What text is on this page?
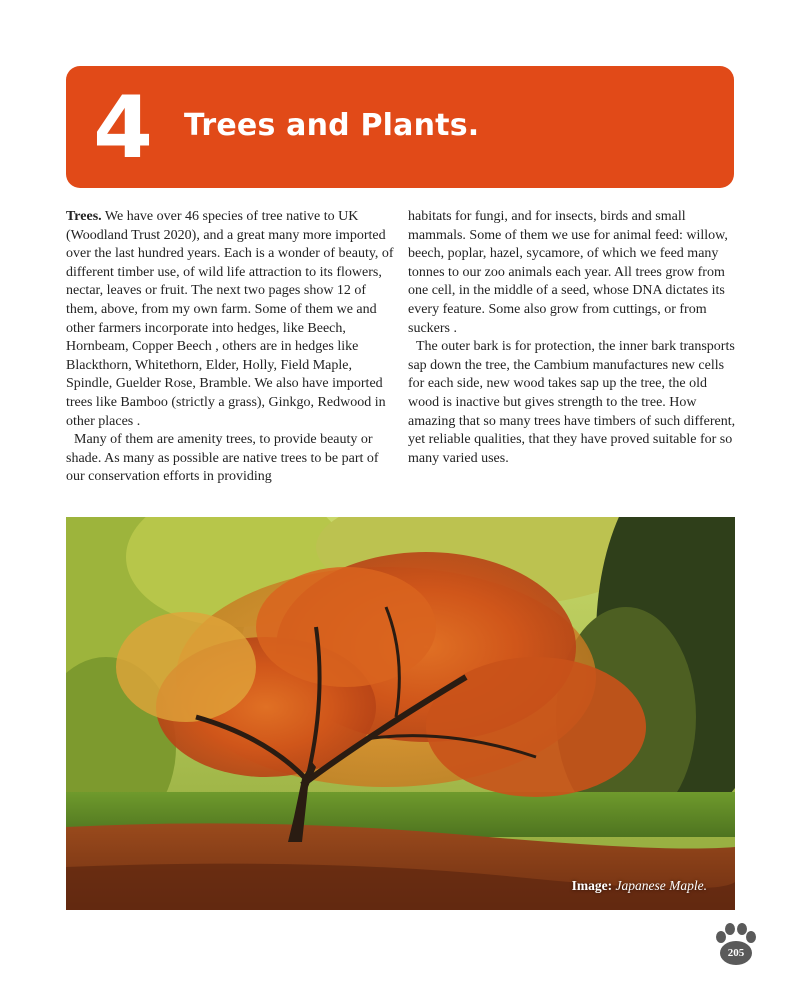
4 Trees and Plants.

Trees. We have over 46 species of tree native to UK (Woodland Trust 2020), and a great many more imported over the last hundred years. Each is a wonder of beauty, of different timber use, of wild life attraction to its flowers, nectar, leaves or fruit. The next two pages show 12 of them, above, from my own farm. Some of them we and other farmers incorporate into hedges, like Beech, Hornbeam, Copper Beech , others are in hedges like Blackthorn, Whitethorn, Elder, Holly, Field Maple, Spindle, Guelder Rose, Bramble. We also have imported trees like Bamboo (strictly a grass), Ginkgo, Redwood in other places .

Many of them are amenity trees, to provide beauty or shade. As many as possible are native trees to be part of our conservation efforts in providing

habitats for fungi, and for insects, birds and small mammals. Some of them we use for animal feed: willow, beech, poplar, hazel, sycamore, of which we feed many tonnes to our zoo animals each year. All trees grow from one cell, in the middle of a seed, whose DNA dictates its every feature. Some also grow from cuttings, or from suckers .

The outer bark is for protection, the inner bark transports sap down the tree, the Cambium manufactures new cells for each side, new wood takes sap up the tree, the old wood is inactive but gives strength to the tree. How amazing that so many trees have timbers of such different, yet reliable qualities, that they have proved suitable for so many varied uses.

Image: Japanese Maple.
205
